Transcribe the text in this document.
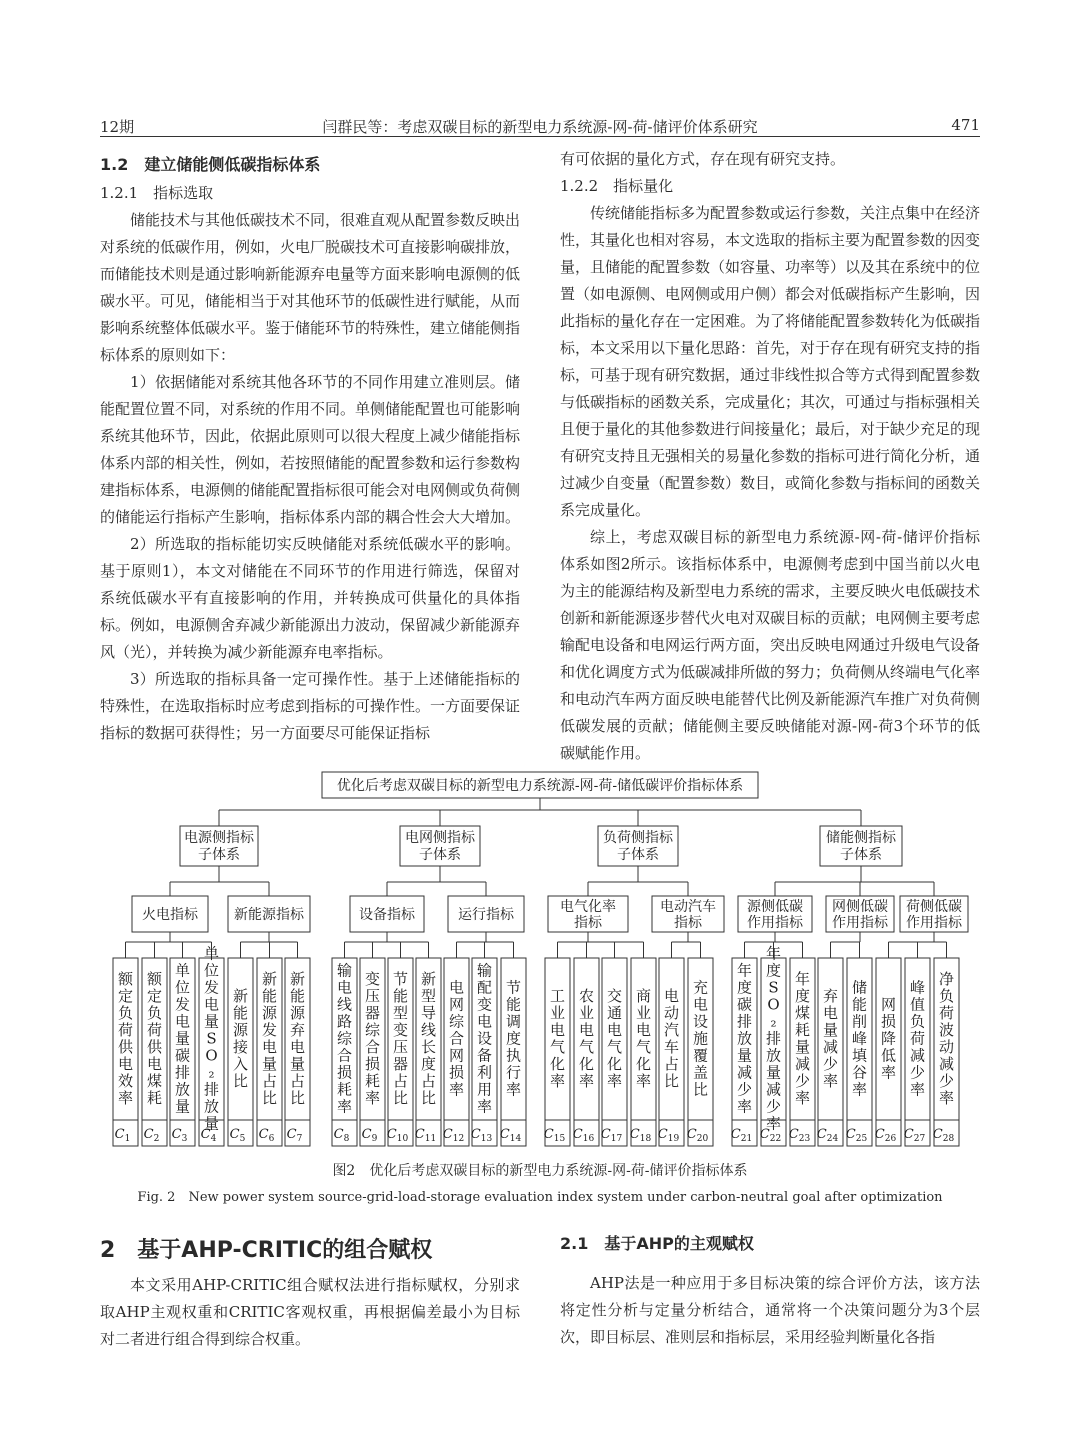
12期	闫群民等：考虑双碳目标的新型电力系统源-网-荷-储评价体系研究	471
1.2　建立储能侧低碳指标体系
1.2.1　指标选取

储能技术与其他低碳技术不同，很难直观从配置参数反映出对系统的低碳作用，例如，火电厂脱碳技术可直接影响碳排放，而储能技术则是通过影响新能源弃电量等方面来影响电源侧的低碳水平。可见，储能相当于对其他环节的低碳性进行赋能，从而影响系统整体低碳水平。鉴于储能环节的特殊性，建立储能侧指标体系的原则如下：

1）依据储能对系统其他各环节的不同作用建立准则层。储能配置位置不同，对系统的作用不同。单侧储能配置也可能影响系统其他环节，因此，依据此原则可以很大程度上减少储能指标体系内部的相关性，例如，若按照储能的配置参数和运行参数构建指标体系，电源侧的储能配置指标很可能会对电网侧或负荷侧的储能运行指标产生影响，指标体系内部的耦合性会大大增加。

2）所选取的指标能切实反映储能对系统低碳水平的影响。基于原则1），本文对储能在不同环节的作用进行筛选，保留对系统低碳水平有直接影响的作用，并转换成可供量化的具体指标。例如，电源侧舍弃减少新能源出力波动，保留减少新能源弃风（光），并转换为减少新能源弃电率指标。

3）所选取的指标具备一定可操作性。基于上述储能指标的特殊性，在选取指标时应考虑到指标的可操作性。一方面要保证指标的数据可获得性；另一方面要尽可能保证指标

有可依据的量化方式，存在现有研究支持。

1.2.2　指标量化

传统储能指标多为配置参数或运行参数，关注点集中在经济性，其量化也相对容易，本文选取的指标主要为配置参数的因变量，且储能的配置参数（如容量、功率等）以及其在系统中的位置（如电源侧、电网侧或用户侧）都会对低碳指标产生影响，因此指标的量化存在一定困难。为了将储能配置参数转化为低碳指标，本文采用以下量化思路：首先，对于存在现有研究支持的指标，可基于现有研究数据，通过非线性拟合等方式得到配置参数与低碳指标的函数关系，完成量化；其次，可通过与指标强相关且便于量化的其他参数进行间接量化；最后，对于缺少充足的现有研究支持且无强相关的易量化参数的指标可进行简化分析，通过减少自变量（配置参数）数目，或简化参数与指标间的函数关系完成量化。

综上，考虑双碳目标的新型电力系统源-网-荷-储评价指标体系如图2所示。该指标体系中，电源侧考虑到中国当前以火电为主的能源结构及新型电力系统的需求，主要反映火电低碳技术创新和新能源逐步替代火电对双碳目标的贡献；电网侧主要考虑输配电设备和电网运行两方面，突出反映电网通过升级电气设备和优化调度方式为低碳减排所做的努力；负荷侧从终端电气化率和电动汽车两方面反映电能替代比例及新能源汽车推广对负荷侧低碳发展的贡献；储能侧主要反映储能对源-网-荷3个环节的低碳赋能作用。

优化后考虑双碳目标的新型电力系统源-网-荷-储低碳评价指标体系
电源侧指标
子体系
电网侧指标
子体系
负荷侧指标
子体系
储能侧指标
子体系
火电指标	新能源指标	设备指标	运行指标	电气化率
指标
电动汽车
指标
源侧低碳
作用指标
网侧低碳
作用指标
荷侧低碳
作用指标
额定负荷供电效率
$C_1$
额定负荷供电煤耗
$C_2$
单位发电量碳排放量
$C_3$
单位发电量 S O ₂ 排放量
$C_4$
新能源接入比
$C_5$
新能源发电量占比
$C_6$
新能源弃电量占比
$C_7$
输电线路综合损耗率
$C_8$
变压器综合损耗率
$C_9$
节能型变压器占比
$C_{10}$
新型导线长度占比
$C_{11}$
电网综合网损率
$C_{12}$
输配变电设备利用率
$C_{13}$
节能调度执行率
$C_{14}$
工业电气化率
$C_{15}$
农业电气化率
$C_{16}$
交通电气化率
$C_{17}$
商业电气化率
$C_{18}$
电动汽车占比
$C_{19}$
充电设施覆盖比
$C_{20}$
年度碳排放量减少率
$C_{21}$
年度 S O ₂ 排放量减少率
$C_{22}$
年度煤耗量减少率
$C_{23}$
弃电量减少率
$C_{24}$
储能削峰填谷率
$C_{25}$
网损降低率
$C_{26}$
峰值负荷减少率
$C_{27}$
净负荷波动减少率
$C_{28}$
图2　优化后考虑双碳目标的新型电力系统源-网-荷-储评价指标体系
Fig. 2　New power system source-grid-load-storage evaluation index system under carbon-neutral goal after optimization
2　基于AHP-CRITIC的组合赋权

本文采用AHP-CRITIC组合赋权法进行指标赋权，分别求取AHP主观权重和CRITIC客观权重，再根据偏差最小为目标对二者进行组合得到综合权重。

2.1　基于AHP的主观赋权

AHP法是一种应用于多目标决策的综合评价方法，该方法将定性分析与定量分析结合，通常将一个决策问题分为3个层次，即目标层、准则层和指标层，采用经验判断量化各指
